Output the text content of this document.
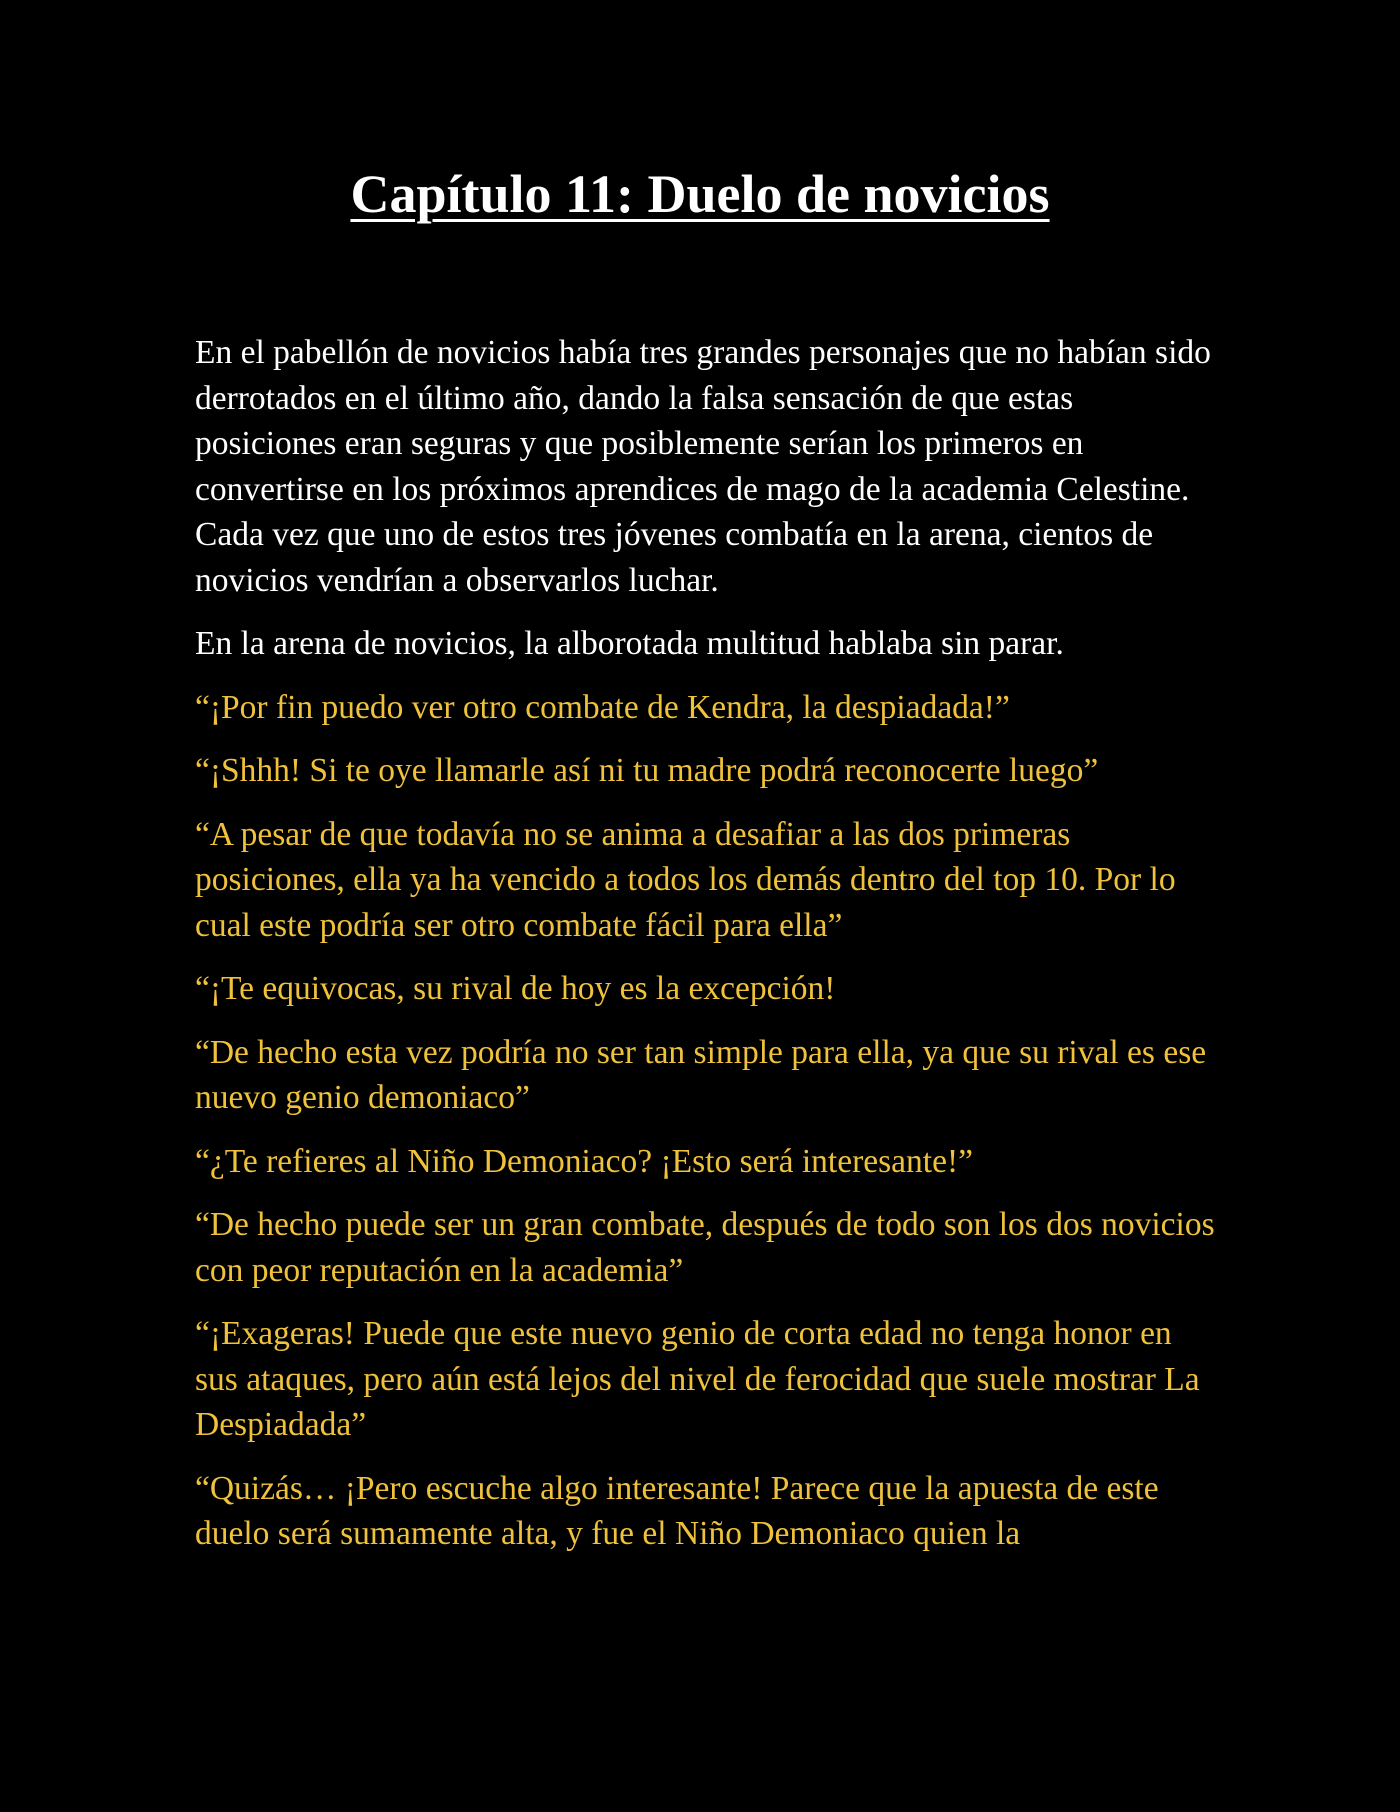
Capítulo 11: Duelo de novicios

En el pabellón de novicios había tres grandes personajes que no habían sido derrotados en el último año, dando la falsa sensación de que estas posiciones eran seguras y que posiblemente serían los primeros en convertirse en los próximos aprendices de mago de la academia Celestine. Cada vez que uno de estos tres jóvenes combatía en la arena, cientos de novicios vendrían a observarlos luchar.

En la arena de novicios, la alborotada multitud hablaba sin parar.

“¡Por fin puedo ver otro combate de Kendra, la despiadada!”

“¡Shhh! Si te oye llamarle así ni tu madre podrá reconocerte luego”

“A pesar de que todavía no se anima a desafiar a las dos primeras posiciones, ella ya ha vencido a todos los demás dentro del top 10. Por lo cual este podría ser otro combate fácil para ella”

“¡Te equivocas, su rival de hoy es la excepción!

“De hecho esta vez podría no ser tan simple para ella, ya que su rival es ese nuevo genio demoniaco”

“¿Te refieres al Niño Demoniaco? ¡Esto será interesante!”

“De hecho puede ser un gran combate, después de todo son los dos novicios con peor reputación en la academia”

“¡Exageras! Puede que este nuevo genio de corta edad no tenga honor en sus ataques, pero aún está lejos del nivel de ferocidad que suele mostrar La Despiadada”

“Quizás… ¡Pero escuche algo interesante! Parece que la apuesta de este duelo será sumamente alta, y fue el Niño Demoniaco quien la
